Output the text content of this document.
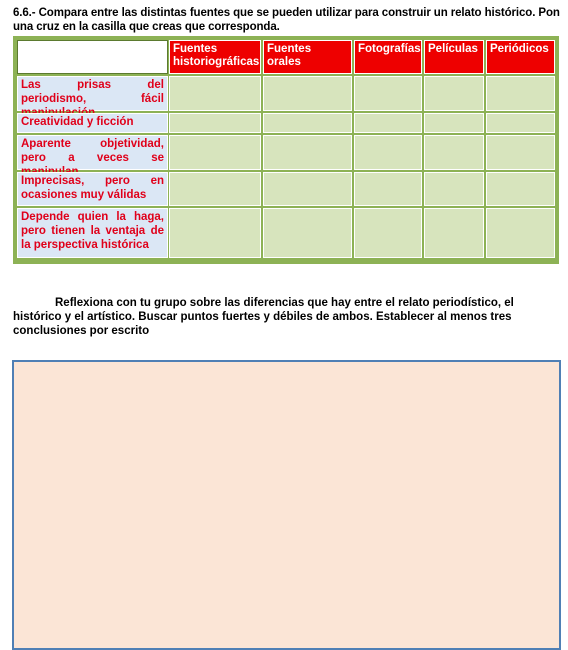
6.6.- Compara entre las distintas fuentes que se pueden utilizar para construir un relato histórico. Pon una cruz en la casilla que creas que corresponda.
Fuentes historiográficas
Fuentes orales
Fotografías Películas	Periódicos
Las prisas del periodismo, fácil
Creatividad y ficción
Aparente objetividad, pero a veces se
Imprecisas, pero en ocasiones muy válidas
Depende quien la haga, pero tienen la ventaja de la perspectiva histórica
Reflexiona con tu grupo sobre las diferencias que hay entre el relato periodístico, el histórico y el artístico. Buscar puntos fuertes y débiles de ambos. Establecer al menos tres conclusiones por escrito
